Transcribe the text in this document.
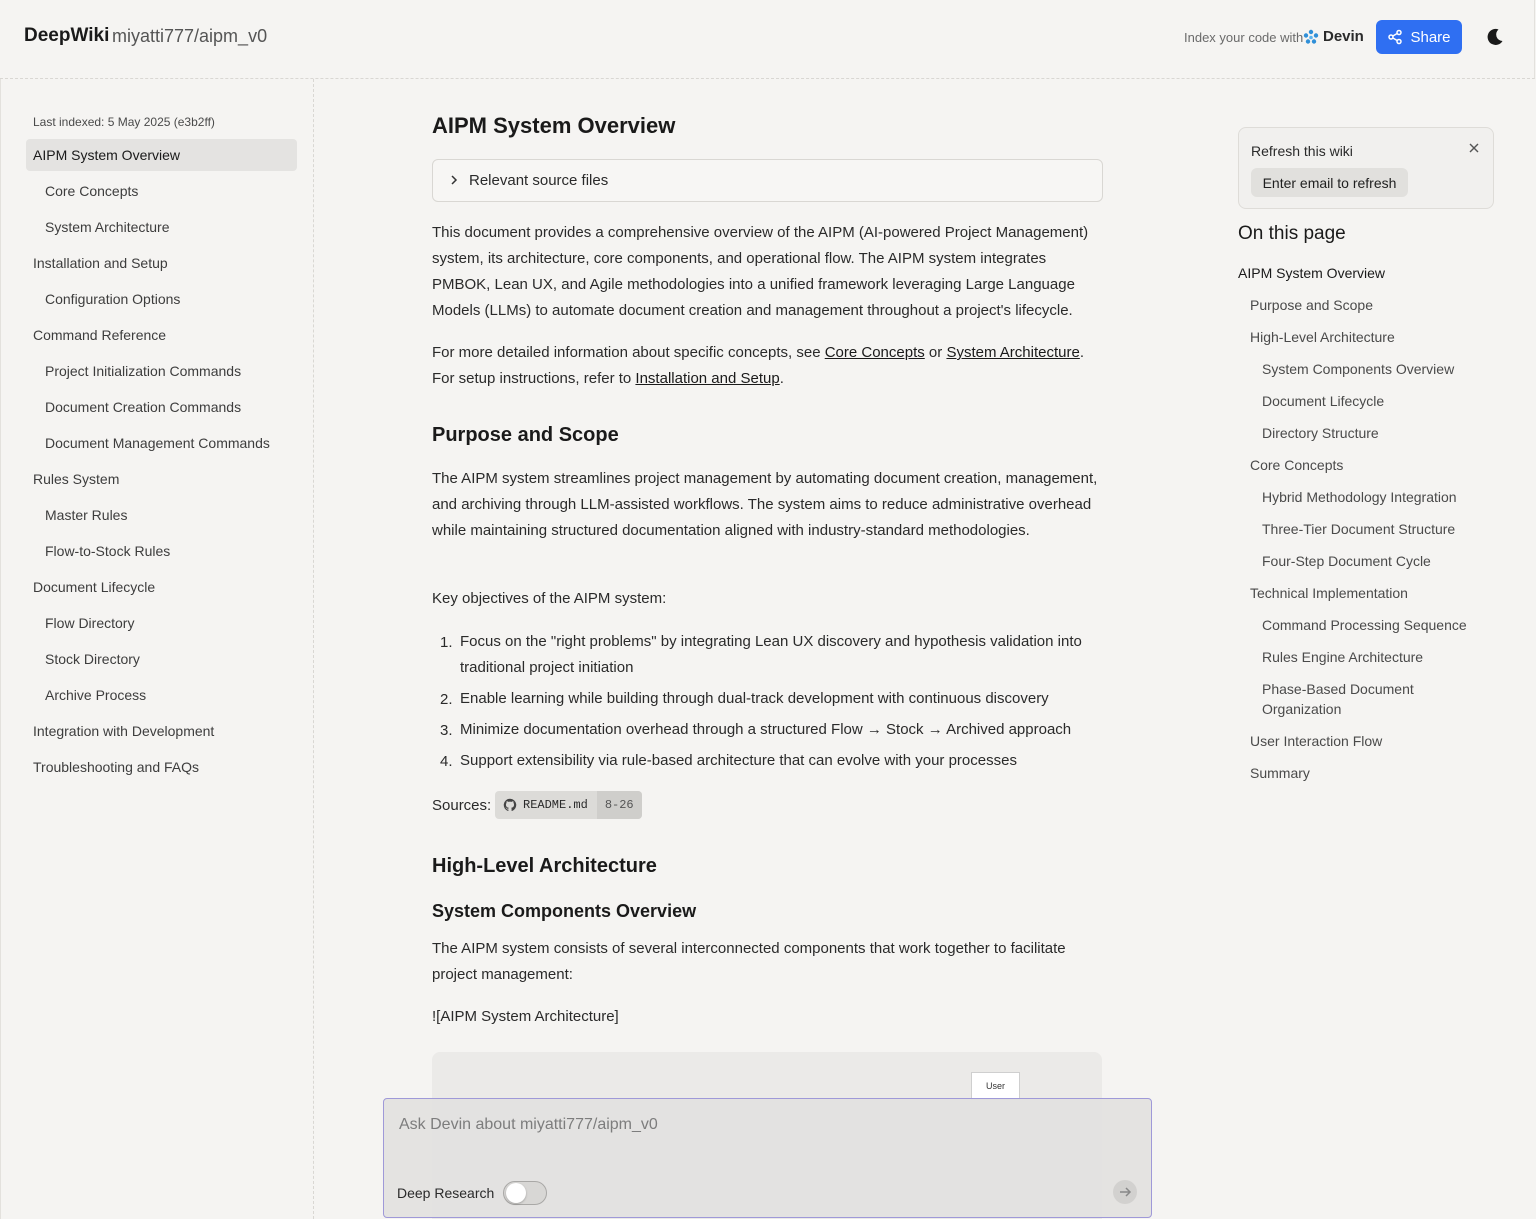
DeepWiki miyatti777/aipm_v0	Index your code with Devin	Share
Last indexed: 5 May 2025 (e3b2ff)
AIPM System Overview
Core Concepts
System Architecture
Installation and Setup
Configuration Options
Command Reference
Project Initialization Commands
Document Creation Commands
Document Management Commands
Rules System
Master Rules
Flow-to-Stock Rules
Document Lifecycle
Flow Directory
Stock Directory
Archive Process
Integration with Development
Troubleshooting and FAQs
AIPM System Overview
Relevant source files
This document provides a comprehensive overview of the AIPM (AI-powered Project Management) system, its architecture, core components, and operational flow. The AIPM system integrates PMBOK, Lean UX, and Agile methodologies into a unified framework leveraging Large Language Models (LLMs) to automate document creation and management throughout a project's lifecycle.
For more detailed information about specific concepts, see Core Concepts or System Architecture. For setup instructions, refer to Installation and Setup.
Purpose and Scope
The AIPM system streamlines project management by automating document creation, management, and archiving through LLM-assisted workflows. The system aims to reduce administrative overhead while maintaining structured documentation aligned with industry-standard methodologies.
Key objectives of the AIPM system:
1. Focus on the "right problems" by integrating Lean UX discovery and hypothesis validation into traditional project initiation
2. Enable learning while building through dual-track development with continuous discovery
3. Minimize documentation overhead through a structured Flow → Stock → Archived approach
4. Support extensibility via rule-based architecture that can evolve with your processes
Sources:	README.md	8-26
High-Level Architecture
System Components Overview
The AIPM system consists of several interconnected components that work together to facilitate project management:
![AIPM System Architecture]
User
Refresh this wiki
Enter email to refresh
On this page
AIPM System Overview
Purpose and Scope
High-Level Architecture
System Components Overview
Document Lifecycle
Directory Structure
Core Concepts
Hybrid Methodology Integration
Three-Tier Document Structure
Four-Step Document Cycle
Technical Implementation
Command Processing Sequence
Rules Engine Architecture
Phase-Based Document Organization
User Interaction Flow
Summary
Ask Devin about miyatti777/aipm_v0
Deep Research
